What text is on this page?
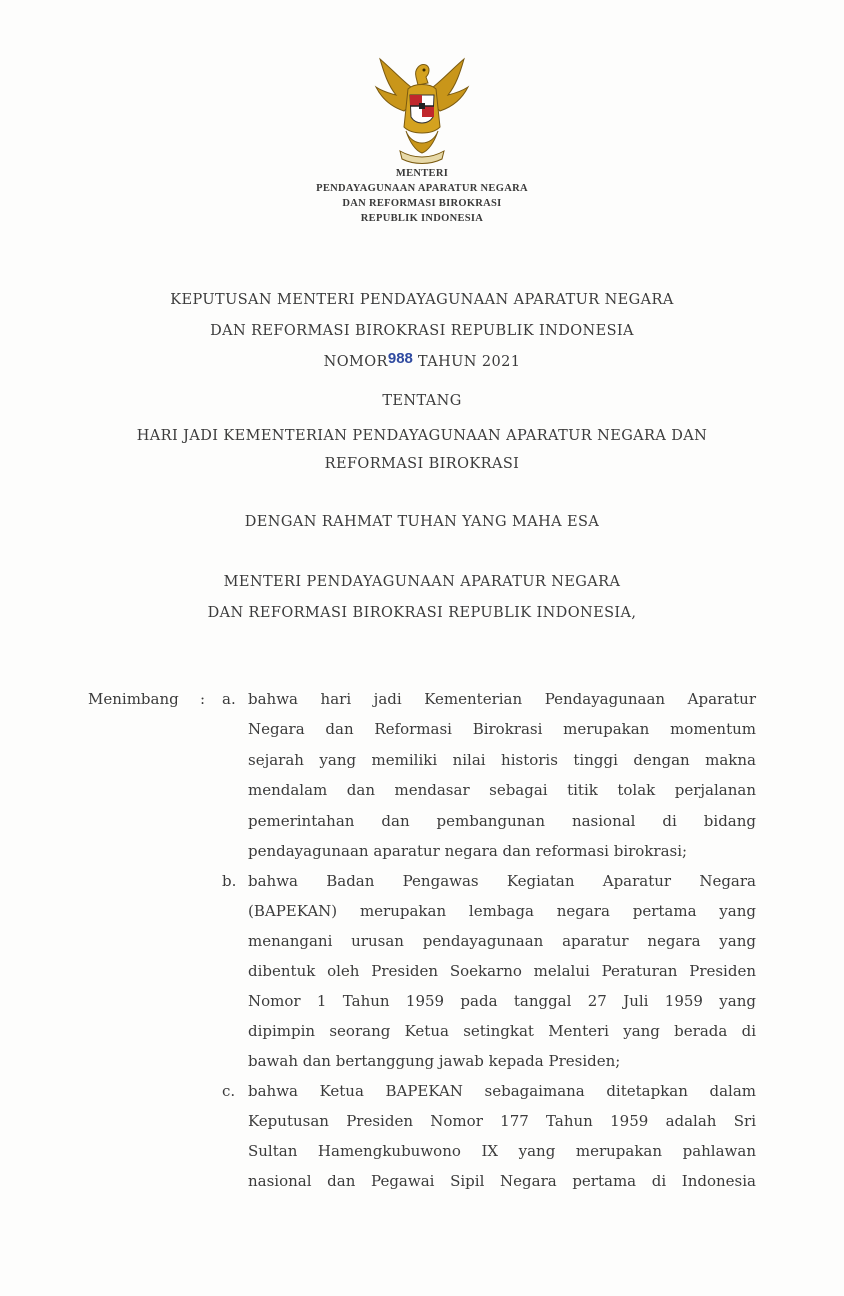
MENTERI
PENDAYAGUNAAN APARATUR NEGARA
DAN REFORMASI BIROKRASI
REPUBLIK INDONESIA
KEPUTUSAN MENTERI PENDAYAGUNAAN APARATUR NEGARA
DAN REFORMASI BIROKRASI REPUBLIK INDONESIA
NOMOR988 TAHUN 2021
TENTANG
HARI JADI KEMENTERIAN PENDAYAGUNAAN APARATUR NEGARA DAN
REFORMASI BIROKRASI
DENGAN RAHMAT TUHAN YANG MAHA ESA
MENTERI PENDAYAGUNAAN APARATUR NEGARA
DAN REFORMASI BIROKRASI REPUBLIK INDONESIA,
Menimbang : a. bahwa hari jadi Kementerian Pendayagunaan Aparatur
Negara dan Reformasi Birokrasi merupakan momentum
sejarah yang memiliki nilai historis tinggi dengan makna
mendalam dan mendasar sebagai titik tolak perjalanan
pemerintahan dan pembangunan nasional di bidang
pendayagunaan aparatur negara dan reformasi birokrasi;
b. bahwa Badan Pengawas Kegiatan Aparatur Negara
(BAPEKAN) merupakan lembaga negara pertama yang
menangani urusan pendayagunaan aparatur negara yang
dibentuk oleh Presiden Soekarno melalui Peraturan Presiden
Nomor 1 Tahun 1959 pada tanggal 27 Juli 1959 yang
dipimpin seorang Ketua setingkat Menteri yang berada di
bawah dan bertanggung jawab kepada Presiden;
c. bahwa Ketua BAPEKAN sebagaimana ditetapkan dalam
Keputusan Presiden Nomor 177 Tahun 1959 adalah Sri
Sultan Hamengkubuwono IX yang merupakan pahlawan
nasional dan Pegawai Sipil Negara pertama di Indonesia
